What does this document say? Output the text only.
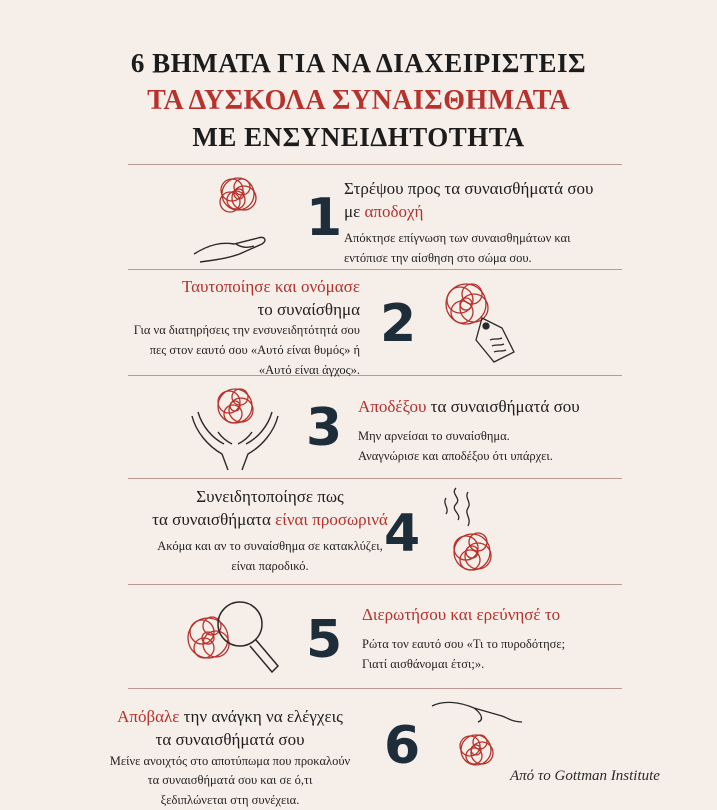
6 ΒΗΜΑΤΑ ΓΙΑ ΝΑ ΔΙΑΧΕΙΡΙΣΤΕΙΣ
ΤΑ ΔΥΣΚΟΛΑ ΣΥΝΑΙΣΘΗΜΑΤΑ
ΜΕ ΕΝΣΥΝΕΙΔΗΤΟΤΗΤΑ
1 Στρέψου προς τα συναισθήματά σου
με αποδοχή
Απόκτησε επίγνωση των συναισθημάτων και
εντόπισε την αίσθηση στο σώμα σου.
Ταυτοποίησε και ονόμασε
το συναίσθημα
Για να διατηρήσεις την ενσυνειδητότητά σου
πες στον εαυτό σου «Αυτό είναι θυμός» ή
«Αυτό είναι άγχος».
2
3 Αποδέξου τα συναισθήματά σου
Μην αρνείσαι το συναίσθημα.
Αναγνώρισε και αποδέξου ότι υπάρχει.
Συνειδητοποίησε πως
τα συναισθήματα είναι προσωρινά
Ακόμα και αν το συναίσθημα σε κατακλύζει,
είναι παροδικό.
4
5 Διερωτήσου και ερεύνησέ το
Ρώτα τον εαυτό σου «Τι το πυροδότησε;
Γιατί αισθάνομαι έτσι;».
Απόβαλε την ανάγκη να ελέγχεις
τα συναισθήματά σου
Μείνε ανοιχτός στο αποτύπωμα που προκαλούν
τα συναισθήματά σου και σε ό,τι
ξεδιπλώνεται στη συνέχεια.
6	Από το Gottman Institute
